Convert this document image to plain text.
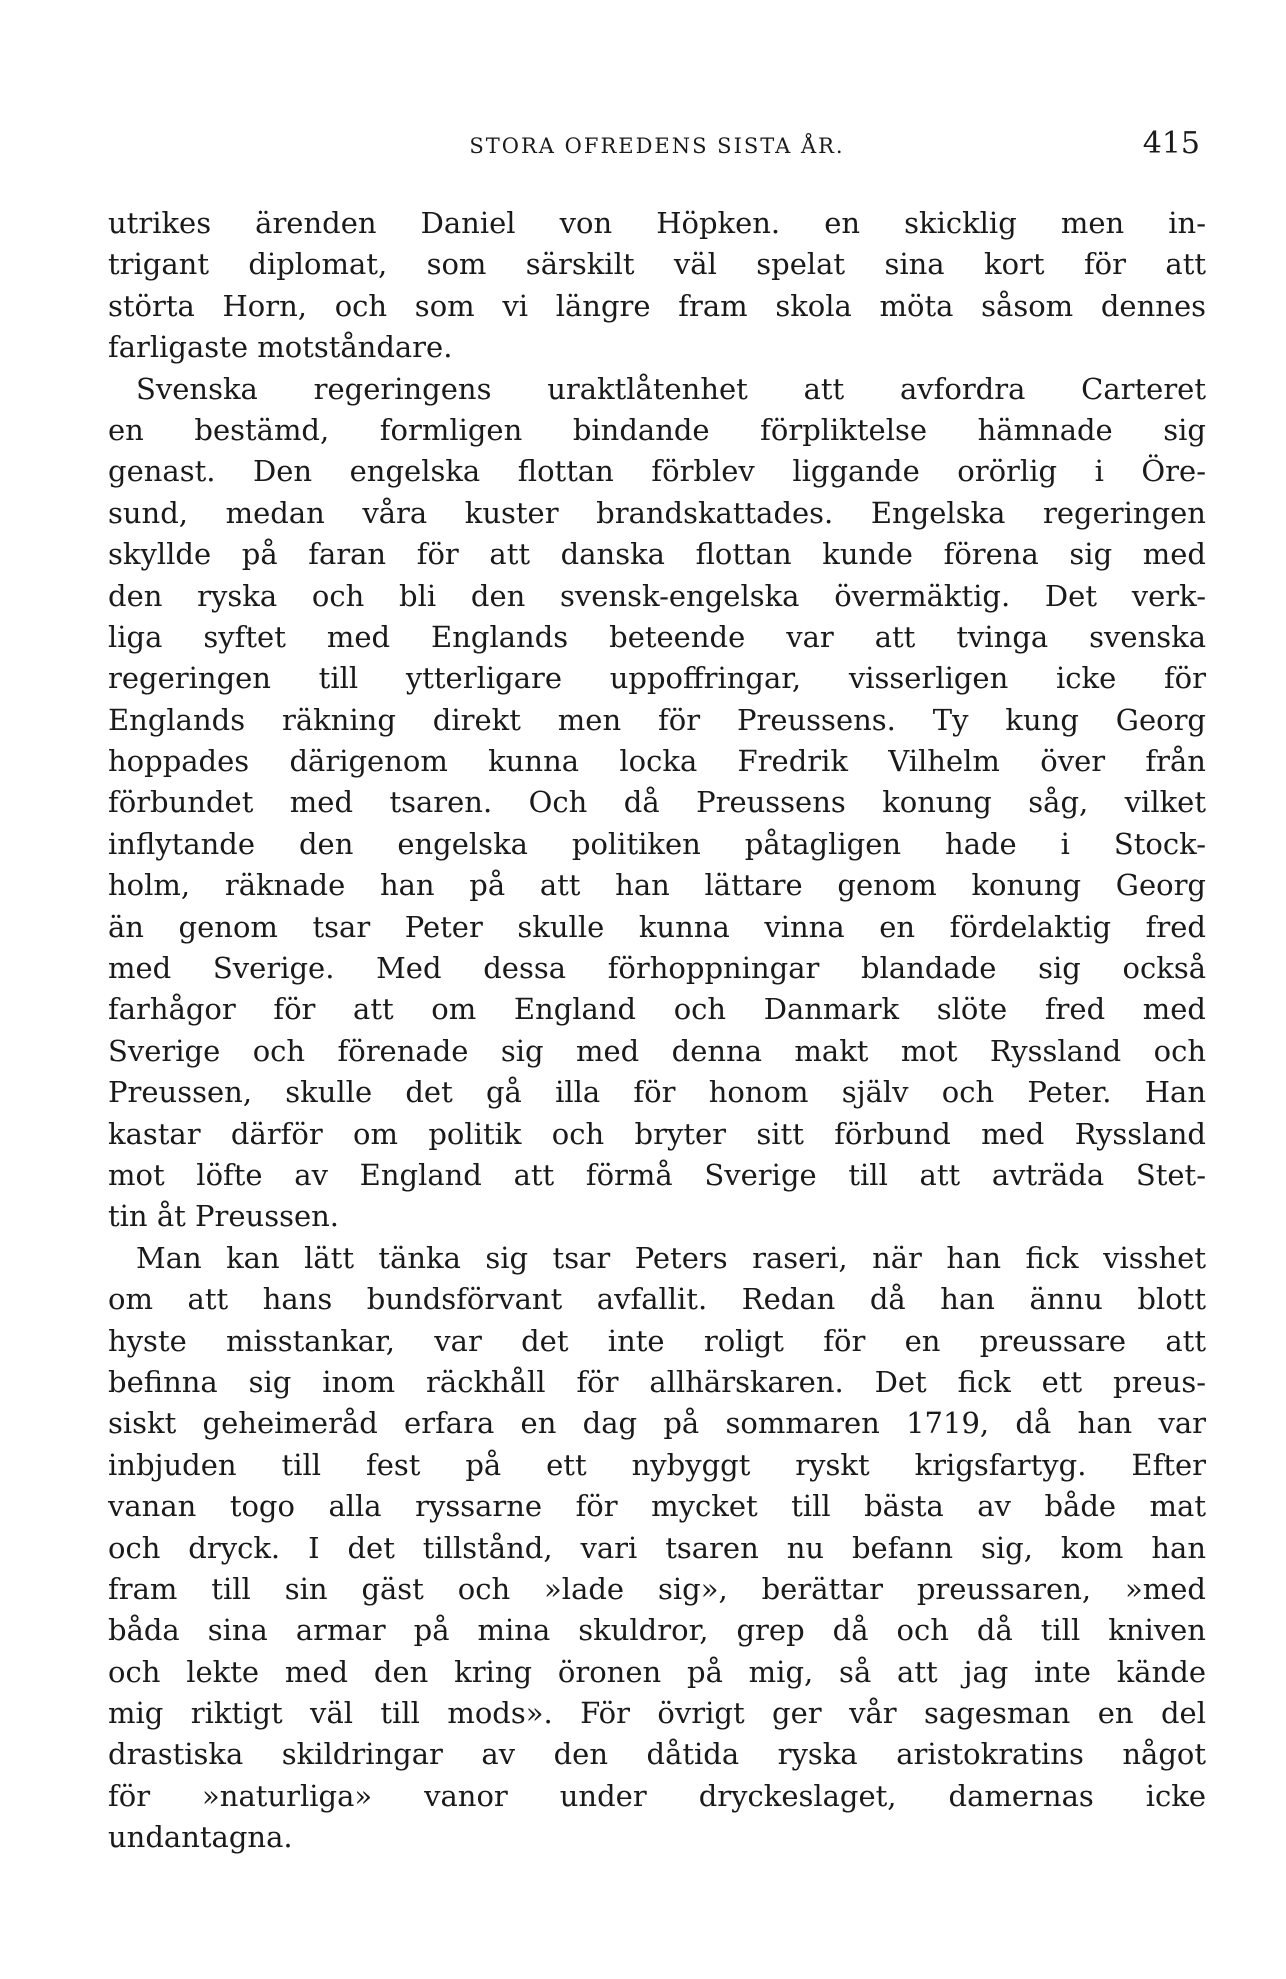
STORA OFREDENS SISTA ÅR.	415
utrikes ärenden Daniel von Höpken. en skicklig men in-
trigant diplomat, som särskilt väl spelat sina kort för att
störta Horn, och som vi längre fram skola möta såsom dennes
farligaste motståndare.
Svenska regeringens uraktlåtenhet att avfordra Carteret
en bestämd, formligen bindande förpliktelse hämnade sig
genast. Den engelska flottan förblev liggande orörlig i Öre-
sund, medan våra kuster brandskattades. Engelska regeringen
skyllde på faran för att danska flottan kunde förena sig med
den ryska och bli den svensk-engelska övermäktig. Det verk-
liga syftet med Englands beteende var att tvinga svenska
regeringen till ytterligare uppoffringar, visserligen icke för
Englands räkning direkt men för Preussens. Ty kung Georg
hoppades därigenom kunna locka Fredrik Vilhelm över från
förbundet med tsaren. Och då Preussens konung såg, vilket
inflytande den engelska politiken påtagligen hade i Stock-
holm, räknade han på att han lättare genom konung Georg
än genom tsar Peter skulle kunna vinna en fördelaktig fred
med Sverige. Med dessa förhoppningar blandade sig också
farhågor för att om England och Danmark slöte fred med
Sverige och förenade sig med denna makt mot Ryssland och
Preussen, skulle det gå illa för honom själv och Peter. Han
kastar därför om politik och bryter sitt förbund med Ryssland
mot löfte av England att förmå Sverige till att avträda Stet-
tin åt Preussen.
Man kan lätt tänka sig tsar Peters raseri, när han fick visshet
om att hans bundsförvant avfallit. Redan då han ännu blott
hyste misstankar, var det inte roligt för en preussare att
befinna sig inom räckhåll för allhärskaren. Det fick ett preus-
siskt geheimeråd erfara en dag på sommaren 1719, då han var
inbjuden till fest på ett nybyggt ryskt krigsfartyg. Efter
vanan togo alla ryssarne för mycket till bästa av både mat
och dryck. I det tillstånd, vari tsaren nu befann sig, kom han
fram till sin gäst och »lade sig», berättar preussaren, »med
båda sina armar på mina skuldror, grep då och då till kniven
och lekte med den kring öronen på mig, så att jag inte kände
mig riktigt väl till mods». För övrigt ger vår sagesman en del
drastiska skildringar av den dåtida ryska aristokratins något
för »naturliga» vanor under dryckeslaget, damernas icke
undantagna.
